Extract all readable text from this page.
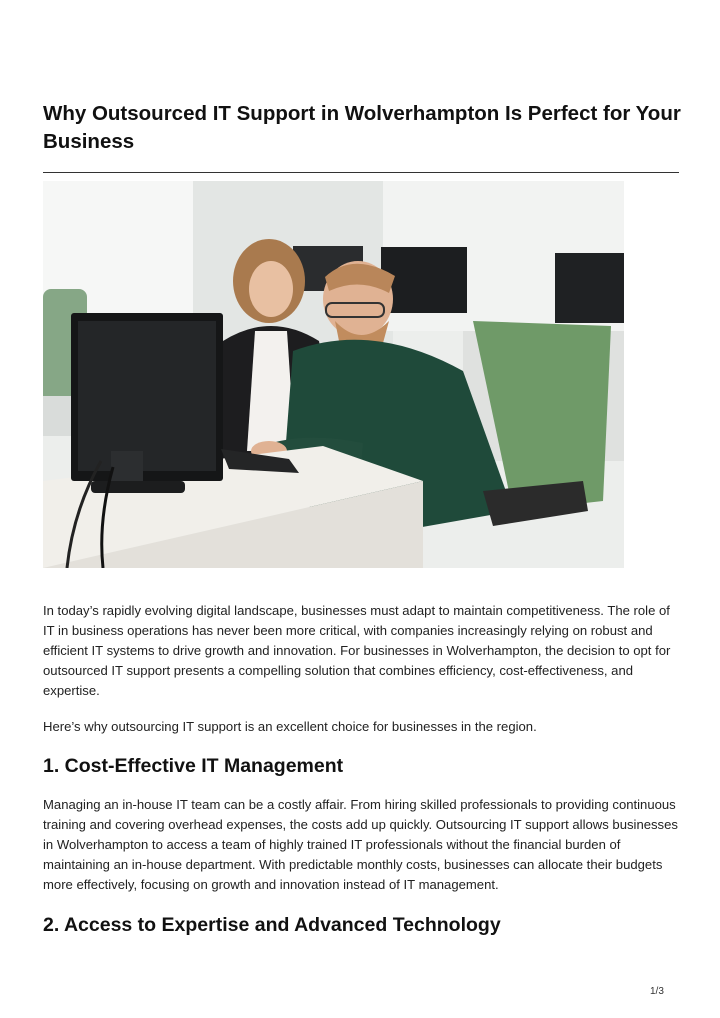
Why Outsourced IT Support in Wolverhampton Is Perfect for Your Business

In today’s rapidly evolving digital landscape, businesses must adapt to maintain competitiveness. The role of IT in business operations has never been more critical, with companies increasingly relying on robust and efficient IT systems to drive growth and innovation. For businesses in Wolverhampton, the decision to opt for outsourced IT support presents a compelling solution that combines efficiency, cost-effectiveness, and expertise.

Here’s why outsourcing IT support is an excellent choice for businesses in the region.

1. Cost-Effective IT Management

Managing an in-house IT team can be a costly affair. From hiring skilled professionals to providing continuous training and covering overhead expenses, the costs add up quickly. Outsourcing IT support allows businesses in Wolverhampton to access a team of highly trained IT professionals without the financial burden of maintaining an in-house department. With predictable monthly costs, businesses can allocate their budgets more effectively, focusing on growth and innovation instead of IT management.

2. Access to Expertise and Advanced Technology
1/3
